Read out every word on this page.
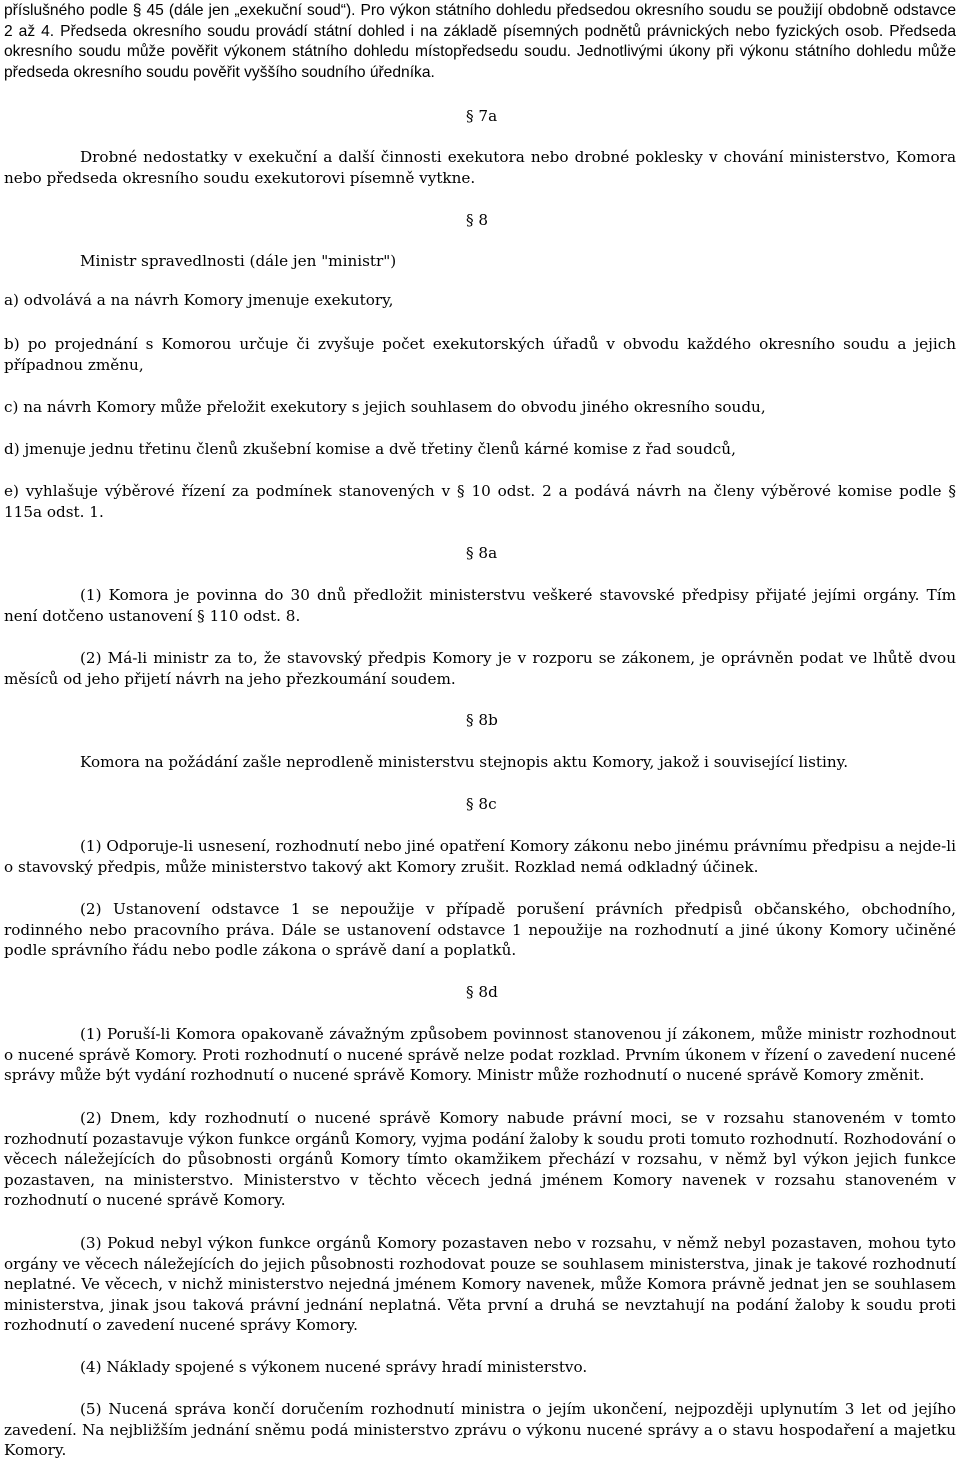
příslušného podle § 45 (dále jen „exekuční soud“). Pro výkon státního dohledu předsedou okresního soudu se použijí obdobně odstavce 2 až 4. Předseda okresního soudu provádí státní dohled i na základě písemných podnětů právnických nebo fyzických osob. Předseda okresního soudu může pověřit výkonem státního dohledu místopředsedu soudu. Jednotlivými úkony při výkonu státního dohledu může předseda okresního soudu pověřit vyššího soudního úředníka.

§ 7a

Drobné nedostatky v exekuční a další činnosti exekutora nebo drobné poklesky v chování ministerstvo, Komora nebo předseda okresního soudu exekutorovi písemně vytkne.

§ 8

Ministr spravedlnosti (dále jen "ministr")

a) odvolává a na návrh Komory jmenuje exekutory,

b) po projednání s Komorou určuje či zvyšuje počet exekutorských úřadů v obvodu každého okresního soudu a jejich případnou změnu,

c) na návrh Komory může přeložit exekutory s jejich souhlasem do obvodu jiného okresního soudu,

d) jmenuje jednu třetinu členů zkušební komise a dvě třetiny členů kárné komise z řad soudců,

e) vyhlašuje výběrové řízení za podmínek stanovených v § 10 odst. 2 a podává návrh na členy výběrové komise podle § 115a odst. 1.

§ 8a

(1) Komora je povinna do 30 dnů předložit ministerstvu veškeré stavovské předpisy přijaté jejími orgány. Tím není dotčeno ustanovení § 110 odst. 8.

(2) Má-li ministr za to, že stavovský předpis Komory je v rozporu se zákonem, je oprávněn podat ve lhůtě dvou měsíců od jeho přijetí návrh na jeho přezkoumání soudem.

§ 8b

Komora na požádání zašle neprodleně ministerstvu stejnopis aktu Komory, jakož i související listiny.

§ 8c

(1) Odporuje-li usnesení, rozhodnutí nebo jiné opatření Komory zákonu nebo jinému právnímu předpisu a nejde-li o stavovský předpis, může ministerstvo takový akt Komory zrušit. Rozklad nemá odkladný účinek.

(2) Ustanovení odstavce 1 se nepoužije v případě porušení právních předpisů občanského, obchodního, rodinného nebo pracovního práva. Dále se ustanovení odstavce 1 nepoužije na rozhodnutí a jiné úkony Komory učiněné podle správního řádu nebo podle zákona o správě daní a poplatků.

§ 8d

(1) Poruší-li Komora opakovaně závažným způsobem povinnost stanovenou jí zákonem, může ministr rozhodnout o nucené správě Komory. Proti rozhodnutí o nucené správě nelze podat rozklad. Prvním úkonem v řízení o zavedení nucené správy může být vydání rozhodnutí o nucené správě Komory. Ministr může rozhodnutí o nucené správě Komory změnit.

(2) Dnem, kdy rozhodnutí o nucené správě Komory nabude právní moci, se v rozsahu stanoveném v tomto rozhodnutí pozastavuje výkon funkce orgánů Komory, vyjma podání žaloby k soudu proti tomuto rozhodnutí. Rozhodování o věcech náležejících do působnosti orgánů Komory tímto okamžikem přechází v rozsahu, v němž byl výkon jejich funkce pozastaven, na ministerstvo. Ministerstvo v těchto věcech jedná jménem Komory navenek v rozsahu stanoveném v rozhodnutí o nucené správě Komory.

(3) Pokud nebyl výkon funkce orgánů Komory pozastaven nebo v rozsahu, v němž nebyl pozastaven, mohou tyto orgány ve věcech náležejících do jejich působnosti rozhodovat pouze se souhlasem ministerstva, jinak je takové rozhodnutí neplatné. Ve věcech, v nichž ministerstvo nejedná jménem Komory navenek, může Komora právně jednat jen se souhlasem ministerstva, jinak jsou taková právní jednání neplatná. Věta první a druhá se nevztahují na podání žaloby k soudu proti rozhodnutí o zavedení nucené správy Komory.

(4) Náklady spojené s výkonem nucené správy hradí ministerstvo.

(5) Nucená správa končí doručením rozhodnutí ministra o jejím ukončení, nejpozději uplynutím 3 let od jejího zavedení. Na nejbližším jednání sněmu podá ministerstvo zprávu o výkonu nucené správy a o stavu hospodaření a majetku Komory.
